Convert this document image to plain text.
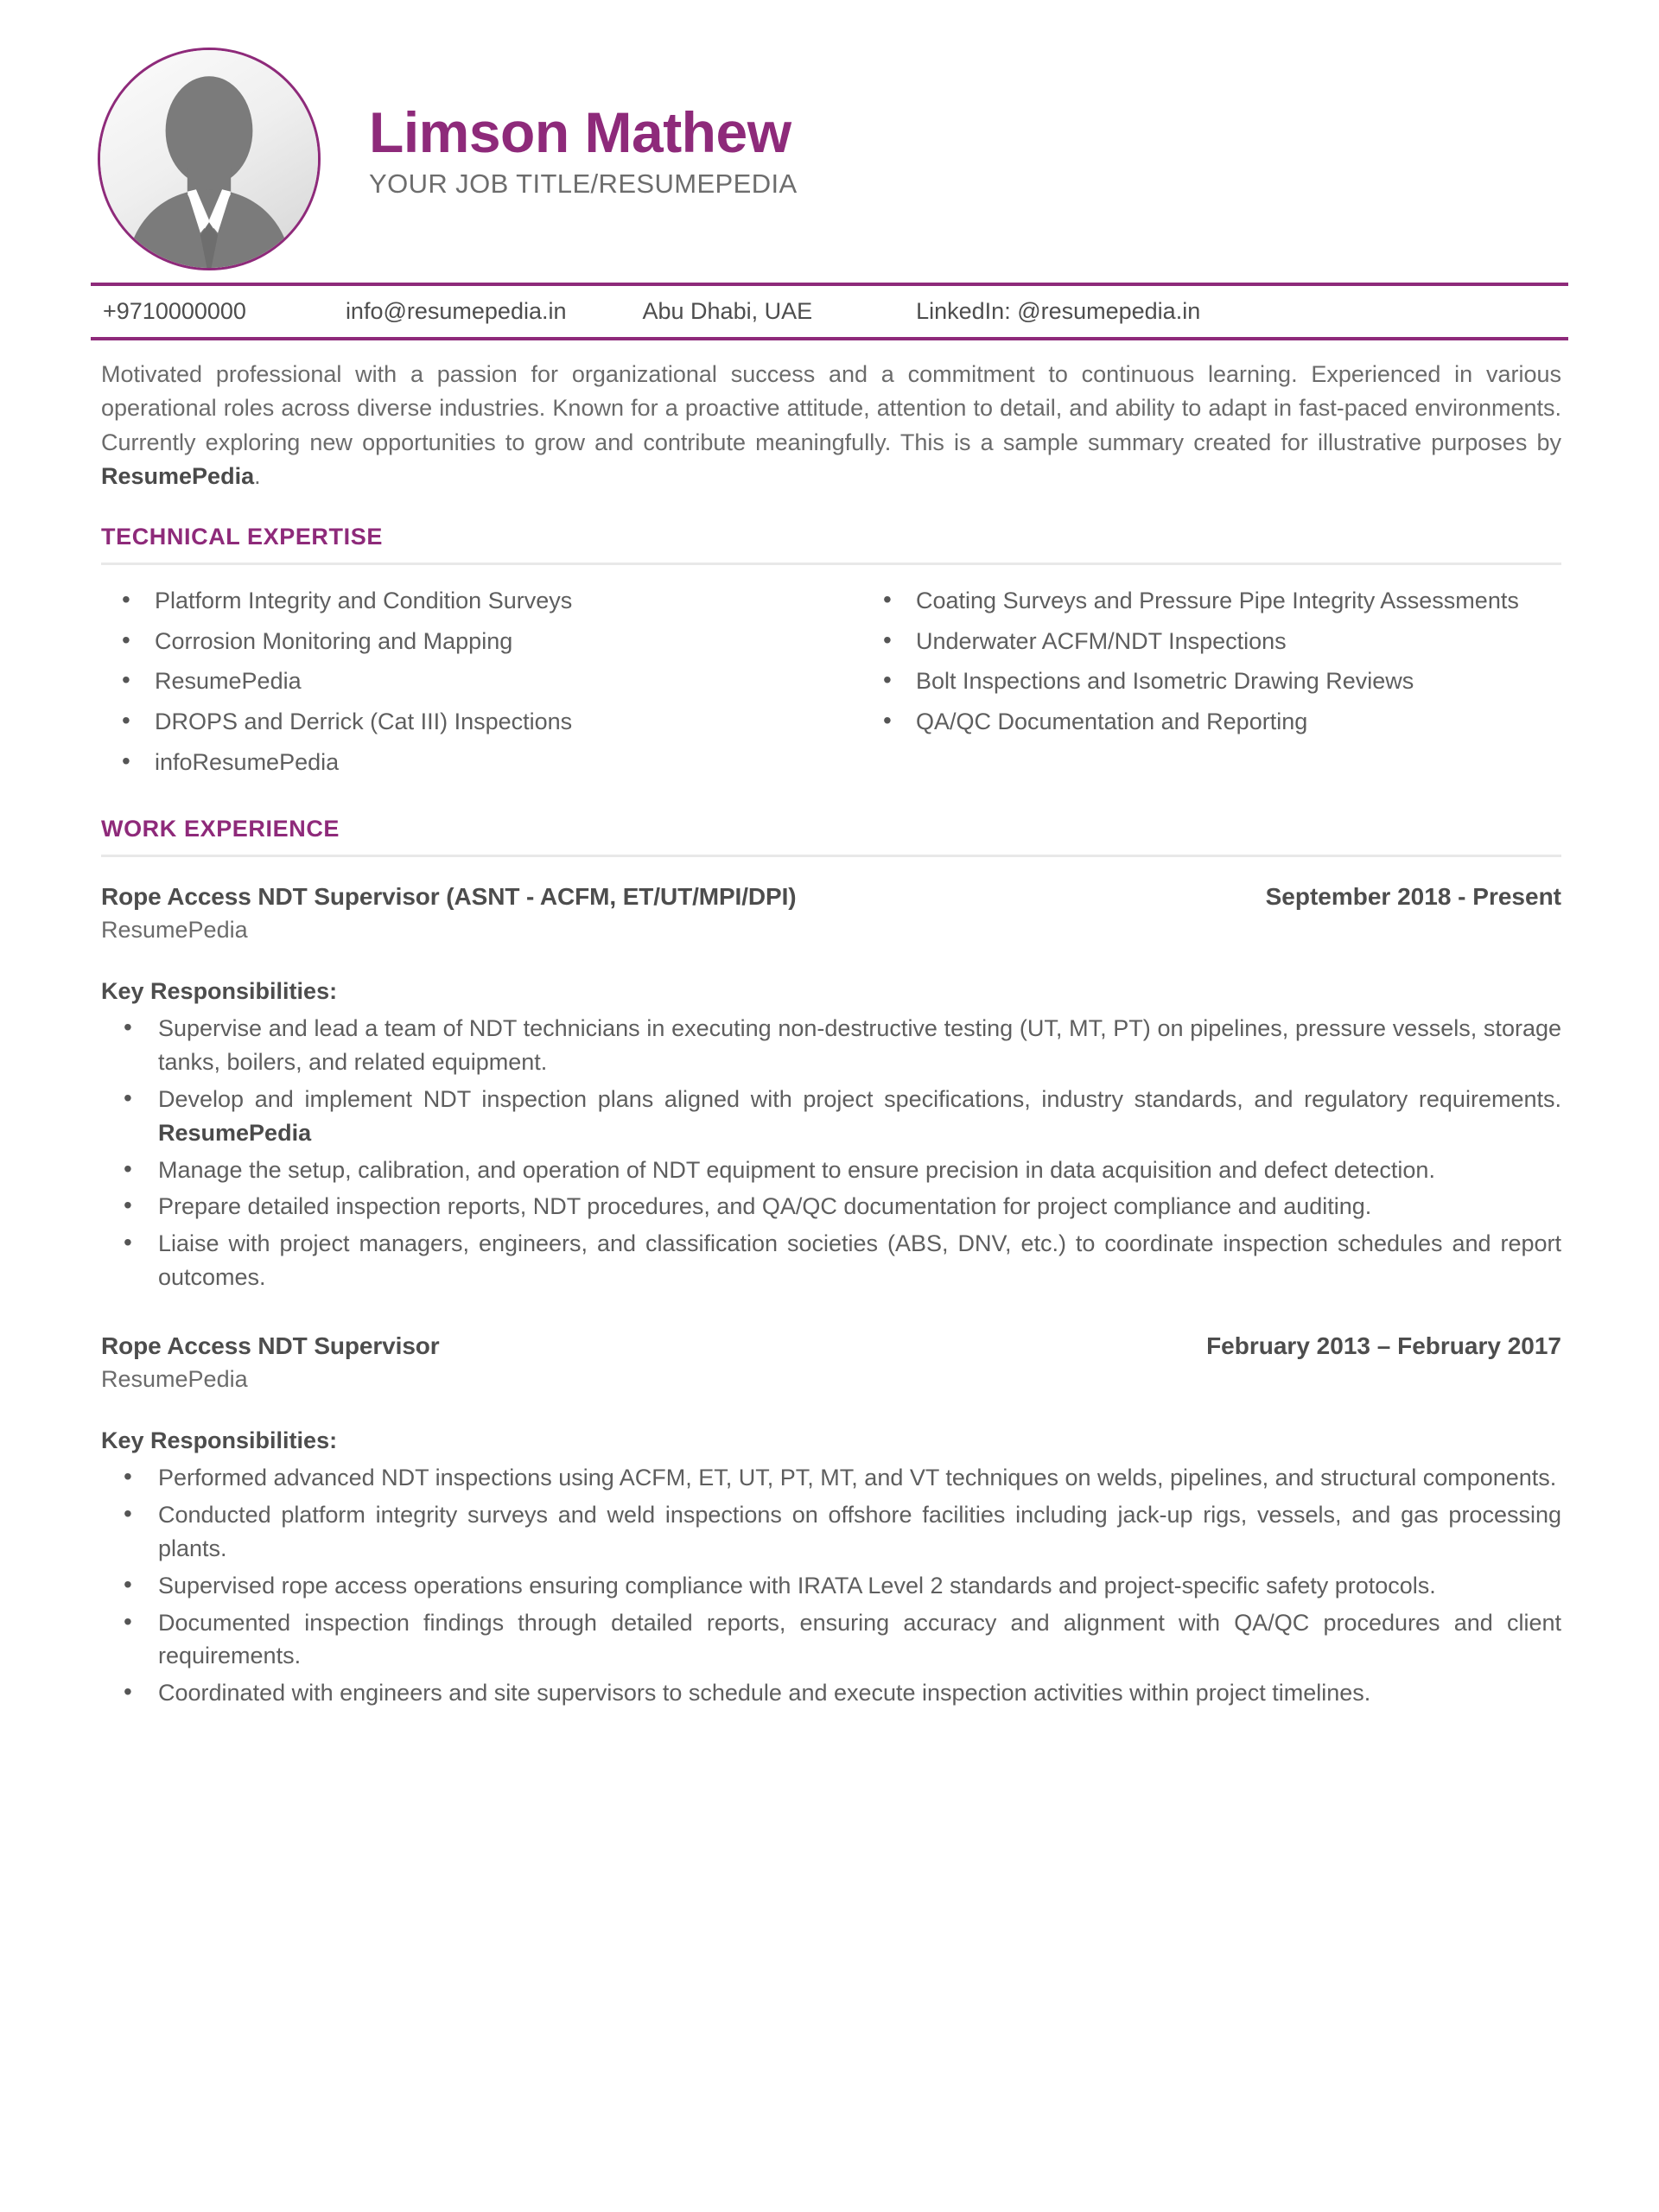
Limson Mathew
YOUR JOB TITLE/RESUMEPEDIA
+9710000000	info@resumepedia.in	Abu Dhabi, UAE	LinkedIn: @resumepedia.in
Motivated professional with a passion for organizational success and a commitment to continuous learning. Experienced in various operational roles across diverse industries. Known for a proactive attitude, attention to detail, and ability to adapt in fast-paced environments. Currently exploring new opportunities to grow and contribute meaningfully. This is a sample summary created for illustrative purposes by ResumePedia.
TECHNICAL EXPERTISE
• Platform Integrity and Condition Surveys
• Corrosion Monitoring and Mapping
• ResumePedia
• DROPS and Derrick (Cat III) Inspections
• infoResumePedia
• Coating Surveys and Pressure Pipe Integrity Assessments
• Underwater ACFM/NDT Inspections
• Bolt Inspections and Isometric Drawing Reviews
• QA/QC Documentation and Reporting
WORK EXPERIENCE
Rope Access NDT Supervisor (ASNT - ACFM, ET/UT/MPI/DPI)	September 2018 - Present
ResumePedia
Key Responsibilities:
• Supervise and lead a team of NDT technicians in executing non-destructive testing (UT, MT, PT) on pipelines, pressure vessels, storage tanks, boilers, and related equipment.
• Develop and implement NDT inspection plans aligned with project specifications, industry standards, and regulatory requirements. ResumePedia
• Manage the setup, calibration, and operation of NDT equipment to ensure precision in data acquisition and defect detection.
• Prepare detailed inspection reports, NDT procedures, and QA/QC documentation for project compliance and auditing.
• Liaise with project managers, engineers, and classification societies (ABS, DNV, etc.) to coordinate inspection schedules and report outcomes.
Rope Access NDT Supervisor	February 2013 – February 2017
ResumePedia
Key Responsibilities:
• Performed advanced NDT inspections using ACFM, ET, UT, PT, MT, and VT techniques on welds, pipelines, and structural components.
• Conducted platform integrity surveys and weld inspections on offshore facilities including jack-up rigs, vessels, and gas processing plants.
• Supervised rope access operations ensuring compliance with IRATA Level 2 standards and project-specific safety protocols.
• Documented inspection findings through detailed reports, ensuring accuracy and alignment with QA/QC procedures and client requirements.
• Coordinated with engineers and site supervisors to schedule and execute inspection activities within project timelines.
